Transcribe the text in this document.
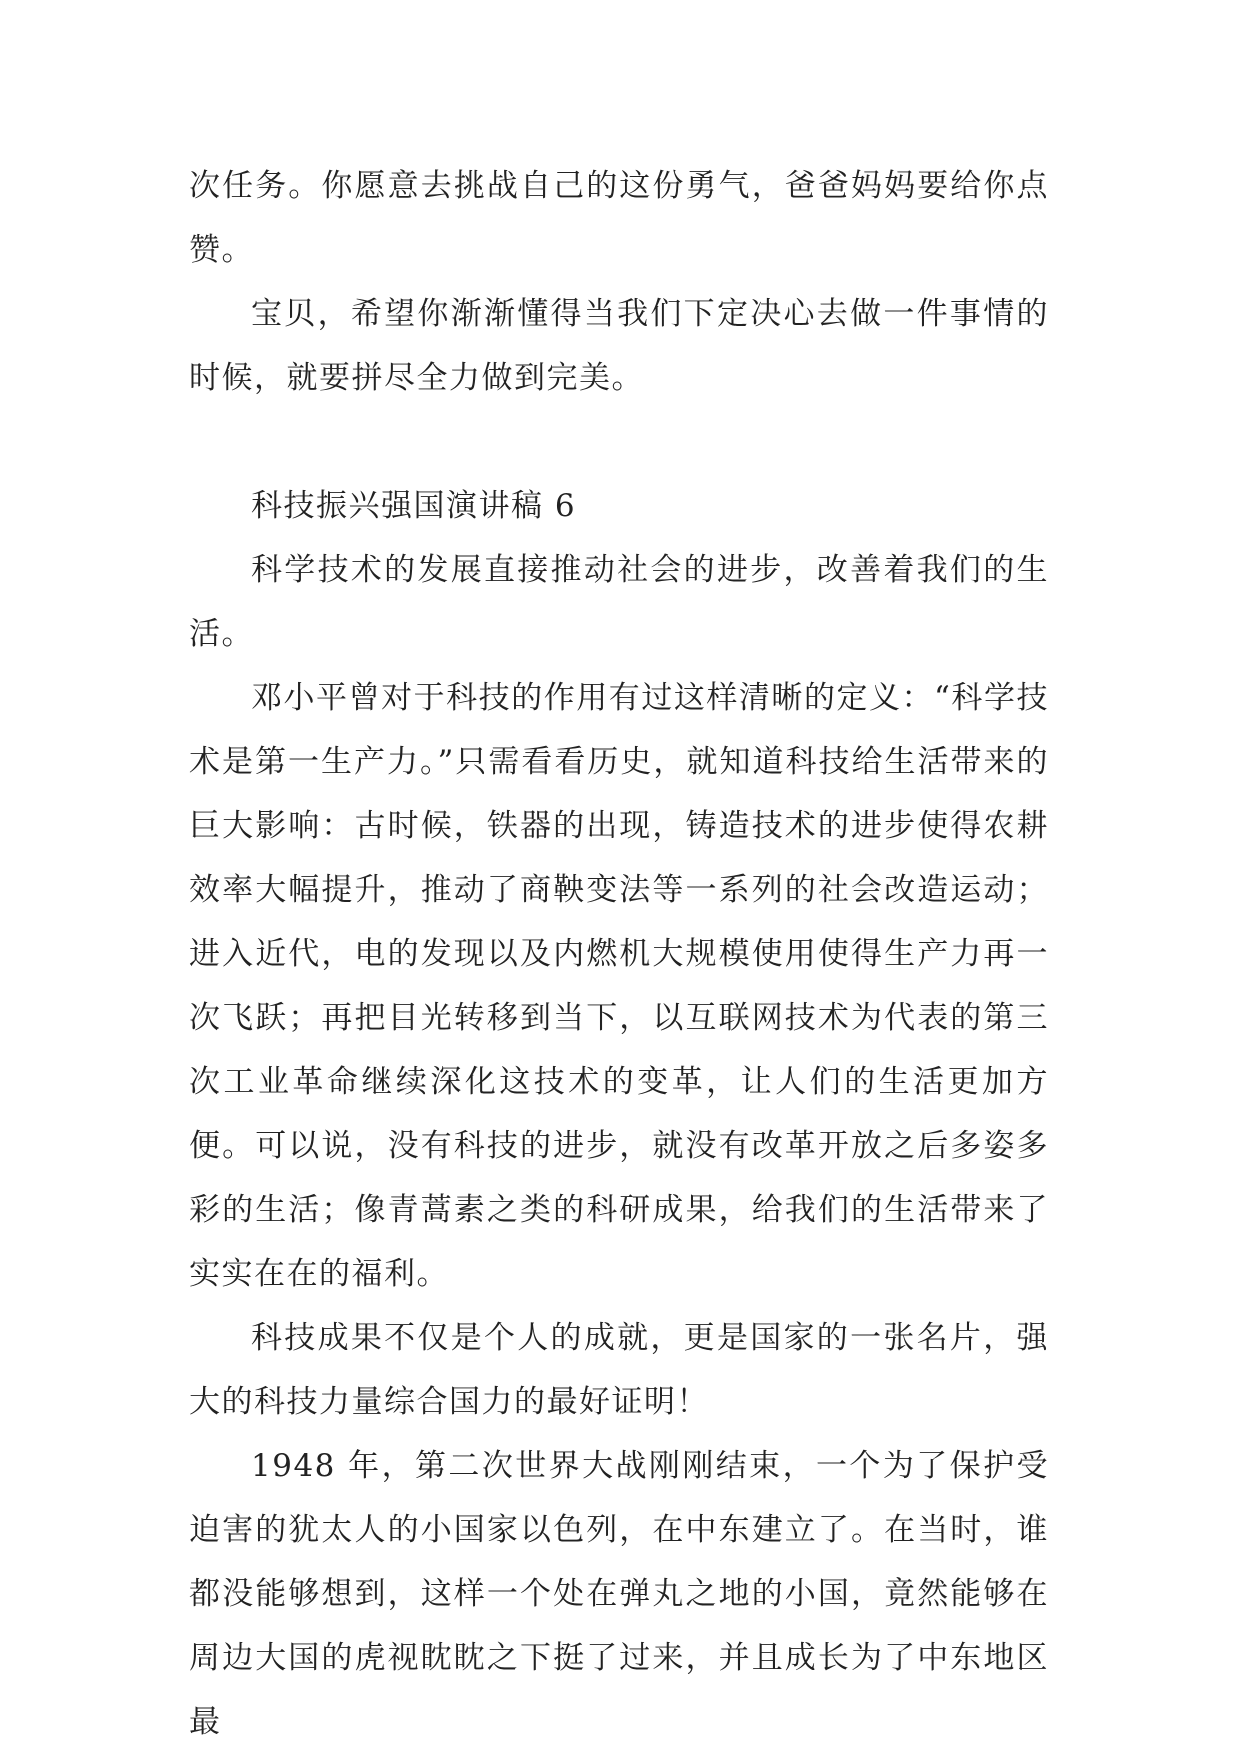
次任务。你愿意去挑战自己的这份勇气，爸爸妈妈要给你点赞。

宝贝，希望你渐渐懂得当我们下定决心去做一件事情的时候，就要拼尽全力做到完美。

科技振兴强国演讲稿 6

科学技术的发展直接推动社会的进步，改善着我们的生活。

邓小平曾对于科技的作用有过这样清晰的定义：“科学技术是第一生产力。”只需看看历史，就知道科技给生活带来的巨大影响：古时候，铁器的出现，铸造技术的进步使得农耕效率大幅提升，推动了商鞅变法等一系列的社会改造运动；进入近代，电的发现以及内燃机大规模使用使得生产力再一次飞跃；再把目光转移到当下，以互联网技术为代表的第三次工业革命继续深化这技术的变革，让人们的生活更加方便。可以说，没有科技的进步，就没有改革开放之后多姿多彩的生活；像青蒿素之类的科研成果，给我们的生活带来了实实在在的福利。

科技成果不仅是个人的成就，更是国家的一张名片，强大的科技力量综合国力的最好证明！

1948 年，第二次世界大战刚刚结束，一个为了保护受迫害的犹太人的小国家以色列，在中东建立了。在当时，谁都没能够想到，这样一个处在弹丸之地的小国，竟然能够在周边大国的虎视眈眈之下挺了过来，并且成长为了中东地区最
